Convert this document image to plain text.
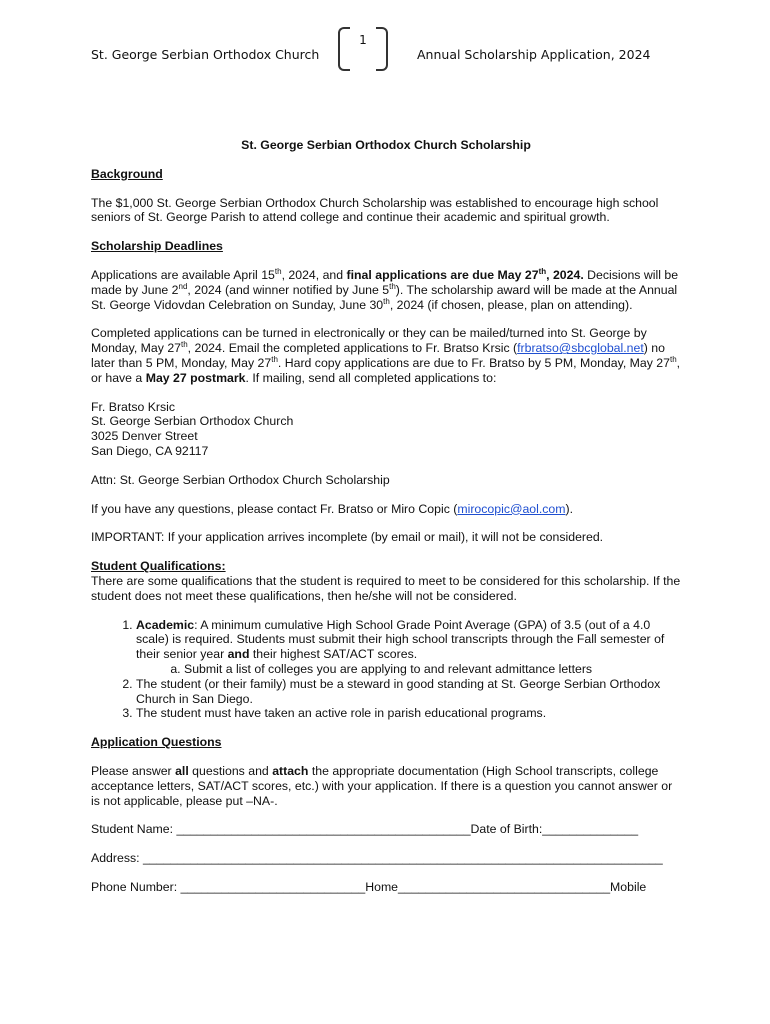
St. George Serbian Orthodox Church
1
Annual Scholarship Application, 2024
St. George Serbian Orthodox Church Scholarship
Background

The $1,000 St. George Serbian Orthodox Church Scholarship was established to encourage high school seniors of St. George Parish to attend college and continue their academic and spiritual growth.

Scholarship Deadlines

Applications are available April 15th, 2024, and final applications are due May 27th, 2024. Decisions will be made by June 2nd, 2024 (and winner notified by June 5th). The scholarship award will be made at the Annual St. George Vidovdan Celebration on Sunday, June 30th, 2024 (if chosen, please, plan on attending).

Completed applications can be turned in electronically or they can be mailed/turned into St. George by Monday, May 27th, 2024. Email the completed applications to Fr. Bratso Krsic (frbratso@sbcglobal.net) no later than 5 PM, Monday, May 27th. Hard copy applications are due to Fr. Bratso by 5 PM, Monday, May 27th, or have a May 27 postmark. If mailing, send all completed applications to:

Fr. Bratso Krsic
St. George Serbian Orthodox Church
3025 Denver Street
San Diego, CA 92117

Attn: St. George Serbian Orthodox Church Scholarship

If you have any questions, please contact Fr. Bratso or Miro Copic (mirocopic@aol.com).

IMPORTANT: If your application arrives incomplete (by email or mail), it will not be considered.

Student Qualifications:

There are some qualifications that the student is required to meet to be considered for this scholarship. If the student does not meet these qualifications, then he/she will not be considered.

1. Academic: A minimum cumulative High School Grade Point Average (GPA) of 3.5 (out of a 4.0 scale) is required. Students must submit their high school transcripts through the Fall semester of their senior year and their highest SAT/ACT scores.
a. Submit a list of colleges you are applying to and relevant admittance letters
2. The student (or their family) must be a steward in good standing at St. George Serbian Orthodox Church in San Diego.
3. The student must have taken an active role in parish educational programs.
Application Questions

Please answer all questions and attach the appropriate documentation (High School transcripts, college acceptance letters, SAT/ACT scores, etc.) with your application. If there is a question you cannot answer or is not applicable, please put –NA-.

Student Name: ___________________________________________Date of Birth:______________
Address: ____________________________________________________________________________
Phone Number: ___________________________Home_______________________________Mobile
